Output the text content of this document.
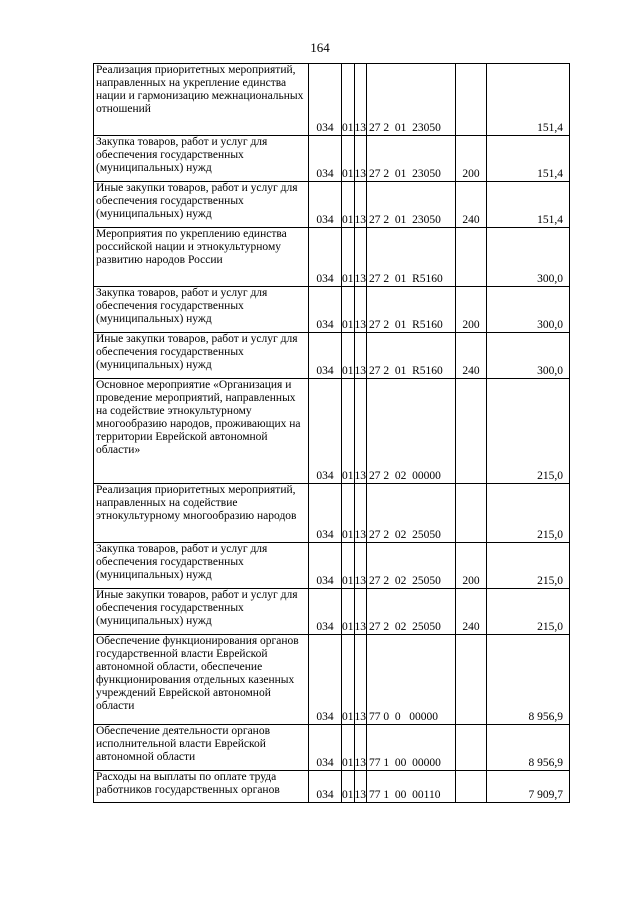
164
Реализация приоритетных мероприятий, направленных на укрепление единства нации и гармонизацию межнациональных отношений	034	01	13	27 2  01  23050		151,4
Закупка товаров, работ и услуг для обеспечения государственных (муниципальных) нужд	034	01	13	27 2  01  23050	200	151,4
Иные закупки товаров, работ и услуг для обеспечения государственных (муниципальных) нужд	034	01	13	27 2  01  23050	240	151,4
Мероприятия по укреплению единства российской нации и этнокультурному развитию народов России	034	01	13	27 2  01  R5160		300,0
Закупка товаров, работ и услуг для обеспечения государственных (муниципальных) нужд	034	01	13	27 2  01  R5160	200	300,0
Иные закупки товаров, работ и услуг для обеспечения государственных (муниципальных) нужд	034	01	13	27 2  01  R5160	240	300,0
Основное мероприятие «Организация и проведение мероприятий, направленных на содействие этнокультурному многообразию народов, проживающих на территории Еврейской автономной области»	034	01	13	27 2  02  00000		215,0
Реализация приоритетных мероприятий, направленных на содействие этнокультурному многообразию народов	034	01	13	27 2  02  25050		215,0
Закупка товаров, работ и услуг для обеспечения государственных (муниципальных) нужд	034	01	13	27 2  02  25050	200	215,0
Иные закупки товаров, работ и услуг для обеспечения государственных (муниципальных) нужд	034	01	13	27 2  02  25050	240	215,0
Обеспечение функционирования органов государственной власти Еврейской автономной области, обеспечение функционирования отдельных казенных учреждений Еврейской автономной области	034	01	13	77 0  0   00000		8 956,9
Обеспечение деятельности органов исполнительной власти Еврейской автономной области	034	01	13	77 1  00  00000		8 956,9
Расходы на выплаты по оплате труда работников государственных органов	034	01	13	77 1  00  00110		7 909,7
